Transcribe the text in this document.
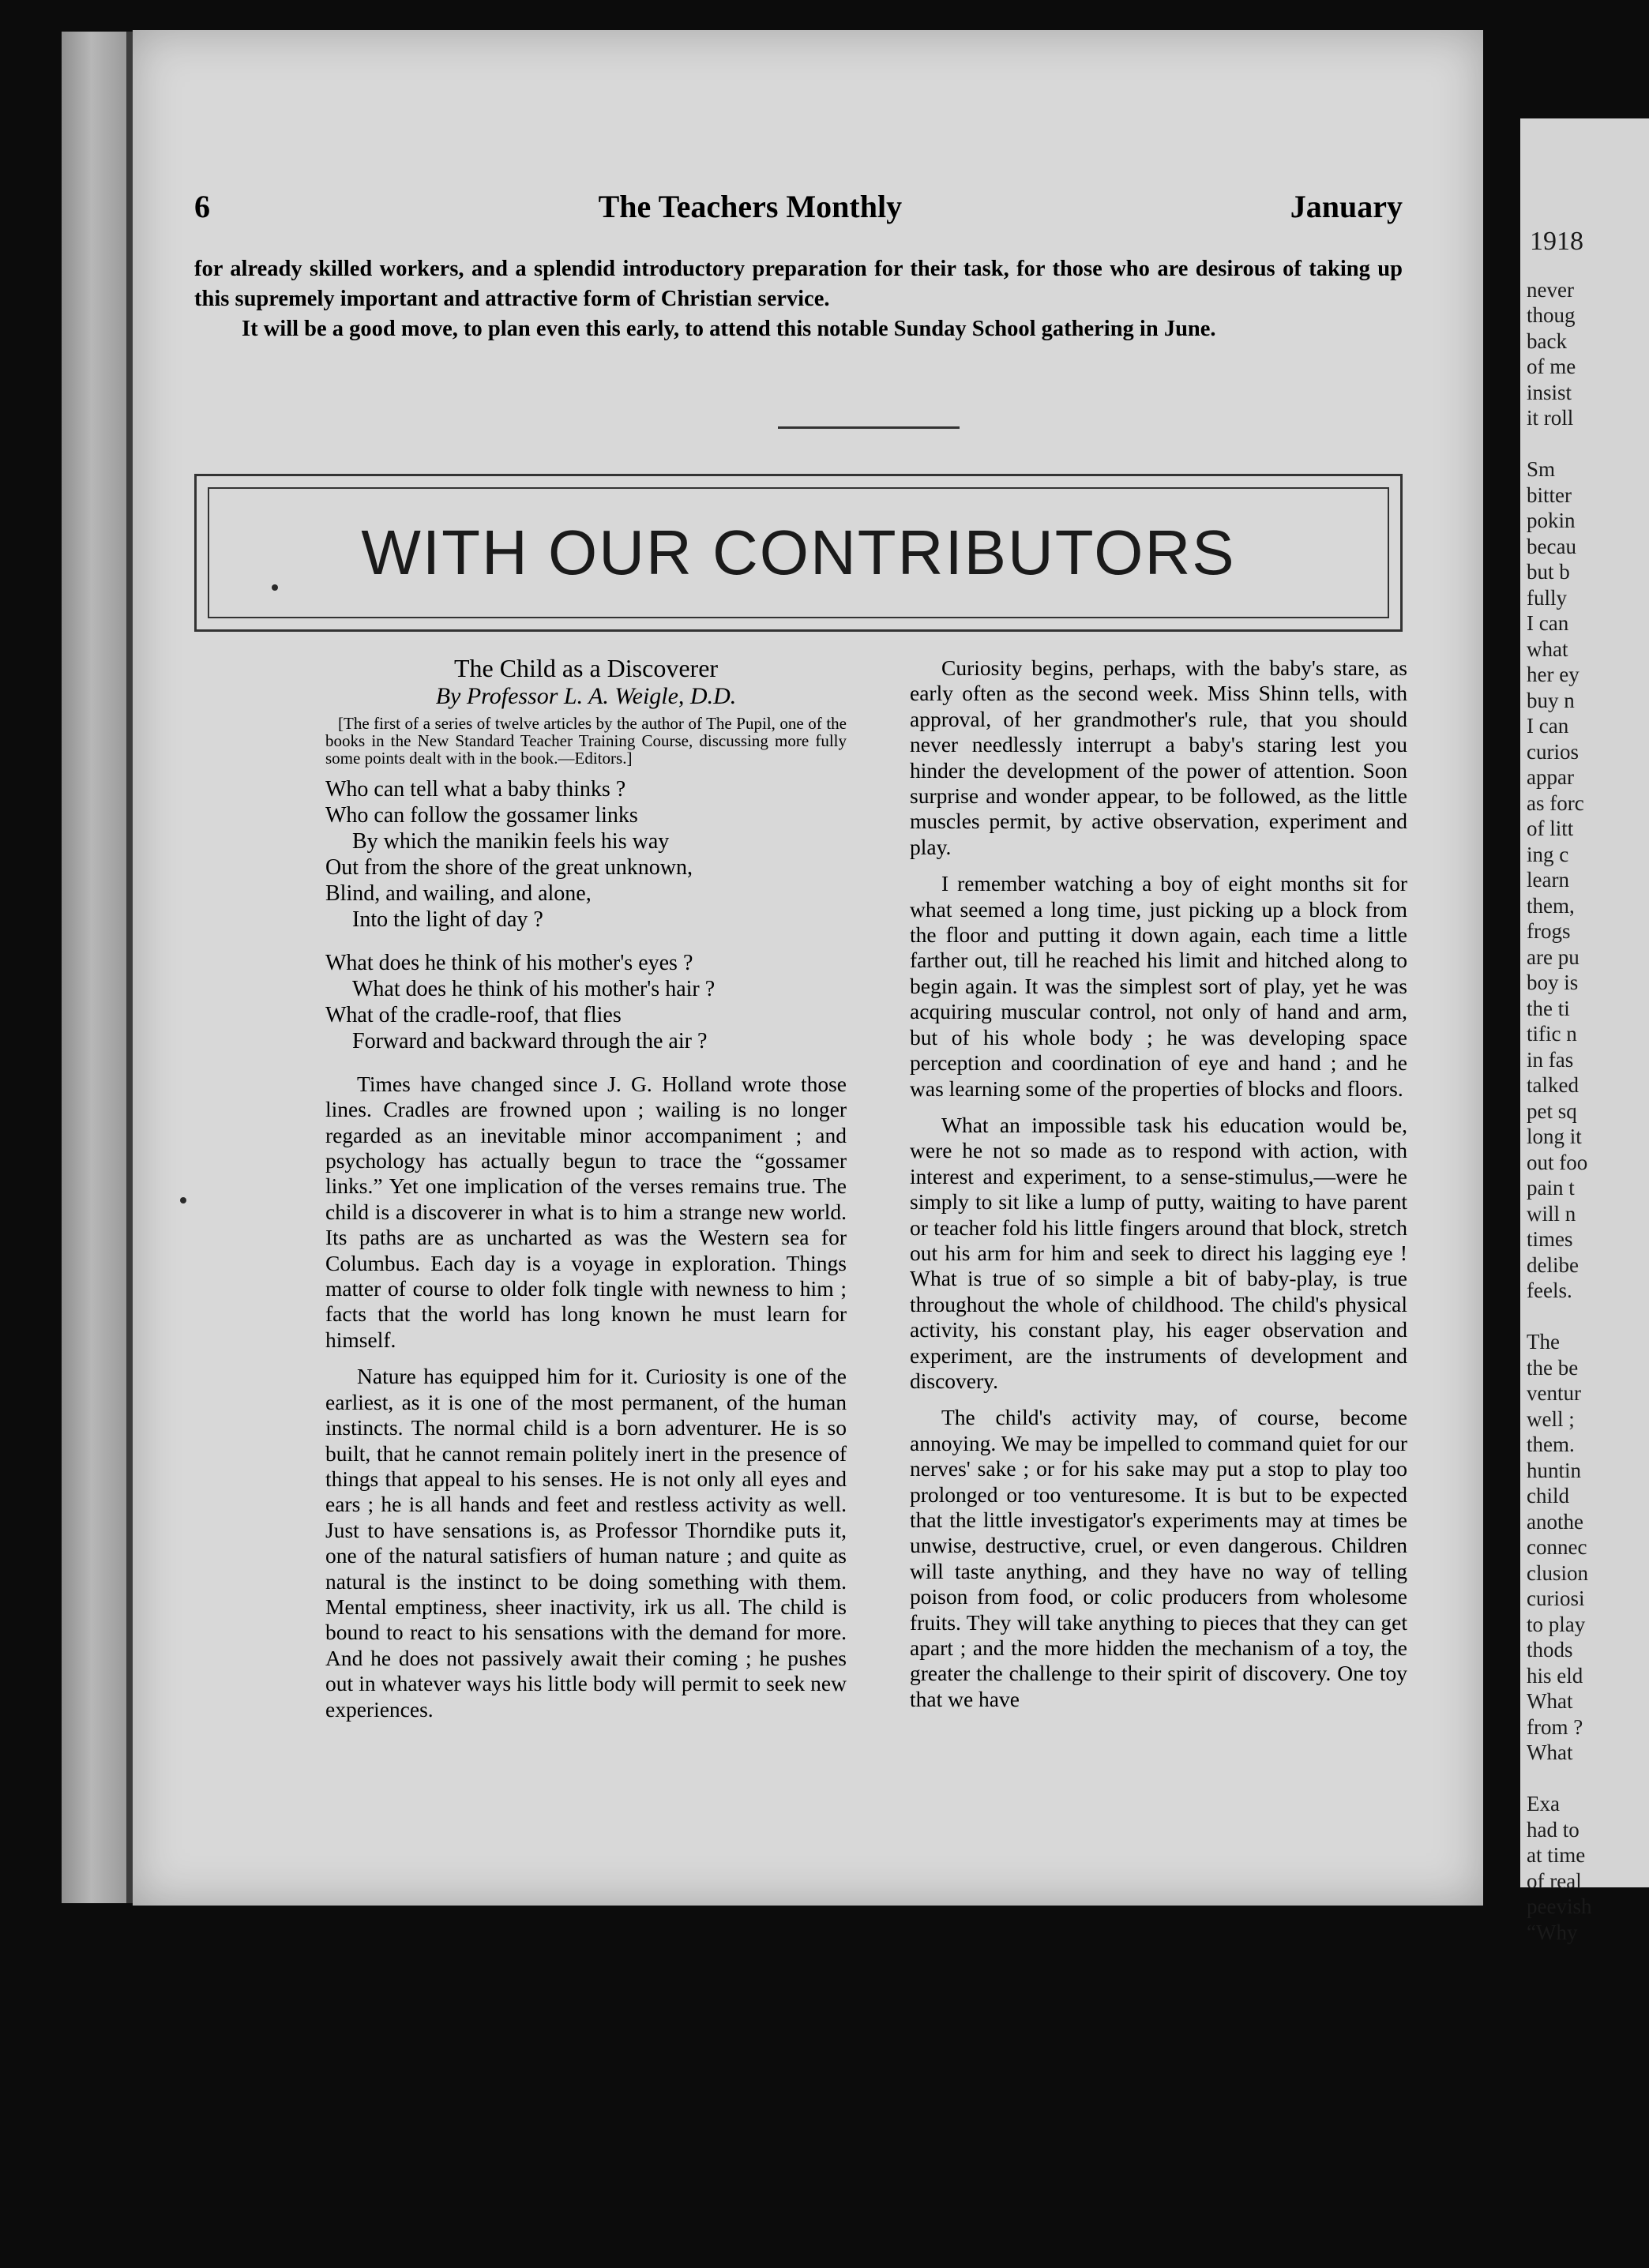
6	The Teachers Monthly	January

for already skilled workers, and a splendid introductory preparation for their task, for those who are desirous of taking up this supremely important and attractive form of Christian service.

It will be a good move, to plan even this early, to attend this notable Sunday School gathering in June.

WITH OUR CONTRIBUTORS
The Child as a Discoverer
By Professor L. A. Weigle, D.D.
[The first of a series of twelve articles by the author of The Pupil, one of the books in the New Standard Teacher Training Course, discussing more fully some points dealt with in the book.—Editors.]
Who can tell what a baby thinks ?
Who can follow the gossamer links
By which the manikin feels his way
Out from the shore of the great unknown,
Blind, and wailing, and alone,
Into the light of day ?
What does he think of his mother's eyes ?
What does he think of his mother's hair ?
What of the cradle-roof, that flies
Forward and backward through the air ?

Times have changed since J. G. Holland wrote those lines. Cradles are frowned upon ; wailing is no longer regarded as an inevitable minor accompaniment ; and psychology has actually begun to trace the “gossamer links.” Yet one implication of the verses remains true. The child is a discoverer in what is to him a strange new world. Its paths are as uncharted as was the Western sea for Columbus. Each day is a voyage in exploration. Things matter of course to older folk tingle with newness to him ; facts that the world has long known he must learn for himself.

Nature has equipped him for it. Curiosity is one of the earliest, as it is one of the most permanent, of the human instincts. The normal child is a born adventurer. He is so built, that he cannot remain politely inert in the presence of things that appeal to his senses. He is not only all eyes and ears ; he is all hands and feet and restless activity as well. Just to have sensations is, as Professor Thorndike puts it, one of the natural satisfiers of human nature ; and quite as natural is the instinct to be doing something with them. Mental emptiness, sheer inactivity, irk us all. The child is bound to react to his sensations with the demand for more. And he does not passively await their coming ; he pushes out in whatever ways his little body will permit to seek new experiences.

Curiosity begins, perhaps, with the baby's stare, as early often as the second week. Miss Shinn tells, with approval, of her grandmother's rule, that you should never needlessly interrupt a baby's staring lest you hinder the development of the power of attention. Soon surprise and wonder appear, to be followed, as the little muscles permit, by active observation, experiment and play.

I remember watching a boy of eight months sit for what seemed a long time, just picking up a block from the floor and putting it down again, each time a little farther out, till he reached his limit and hitched along to begin again. It was the simplest sort of play, yet he was acquiring muscular control, not only of hand and arm, but of his whole body ; he was developing space perception and coordination of eye and hand ; and he was learning some of the properties of blocks and floors.

What an impossible task his education would be, were he not so made as to respond with action, with interest and experiment, to a sense-stimulus,—were he simply to sit like a lump of putty, waiting to have parent or teacher fold his little fingers around that block, stretch out his arm for him and seek to direct his lagging eye ! What is true of so simple a bit of baby-play, is true throughout the whole of childhood. The child's physical activity, his constant play, his eager observation and experiment, are the instruments of development and discovery.

The child's activity may, of course, become annoying. We may be impelled to command quiet for our nerves' sake ; or for his sake may put a stop to play too prolonged or too venturesome. It is but to be expected that the little investigator's experiments may at times be unwise, destructive, cruel, or even dangerous. Children will taste anything, and they have no way of telling poison from food, or colic producers from wholesome fruits. They will take anything to pieces that they can get apart ; and the more hidden the mechanism of a toy, the greater the challenge to their spirit of discovery. One toy that we have

1918
never
thoug
back
of me
insist
it roll

Sm
bitter
pokin
becau
but b
fully
I can
what
her ey
buy n
I can
curios
appar
as forc
of litt
ing c
learn
them,
frogs
are pu
boy is
the ti
tific n
in fas
talked
pet sq
long it
out foo
pain t
will n
times
delibe
feels.

The
the be
ventur
well ;
them.
huntin
child
anothe
connec
clusion
curiosi
to play
thods
his eld
What
from ?
What

Exa
had to
at time
of real
peevish
“Why
